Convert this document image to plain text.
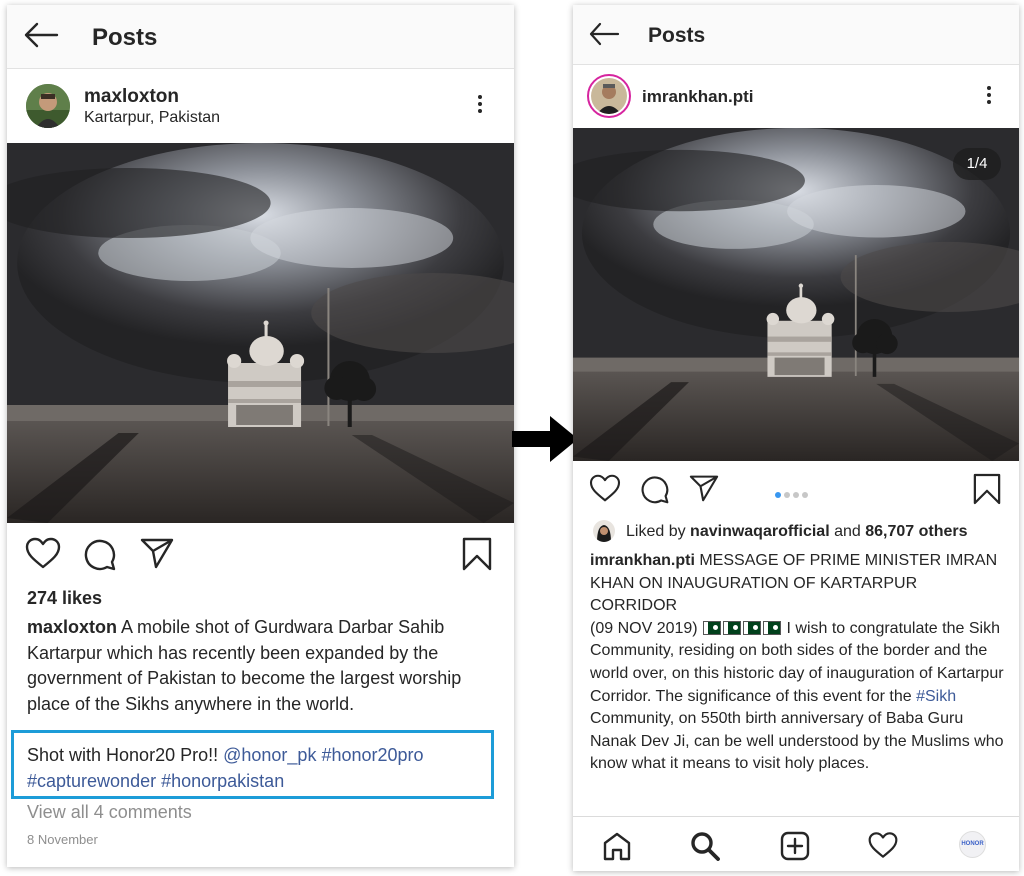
Posts
maxloxton
Kartarpur, Pakistan
274 likes
maxloxton A mobile shot of Gurdwara Darbar Sahib Kartarpur which has recently been expanded by the government of Pakistan to become the largest worship place of the Sikhs anywhere in the world.
Shot with Honor20 Pro!! @honor_pk #honor20pro #capturewonder #honorpakistan
View all 4 comments
8 November
Posts
imrankhan.pti
1/4
Liked by navinwaqarofficial and 86,707 others
imrankhan.pti MESSAGE OF PRIME MINISTER IMRAN KHAN ON INAUGURATION OF KARTARPUR CORRIDOR
(09 NOV 2019)	I wish to congratulate the Sikh Community, residing on both sides of the border and the world over, on this historic day of inauguration of Kartarpur Corridor. The significance of this event for the #Sikh Community, on 550th birth anniversary of Baba Guru Nanak Dev Ji, can be well understood by the Muslims who know what it means to visit holy places.
HONOR
